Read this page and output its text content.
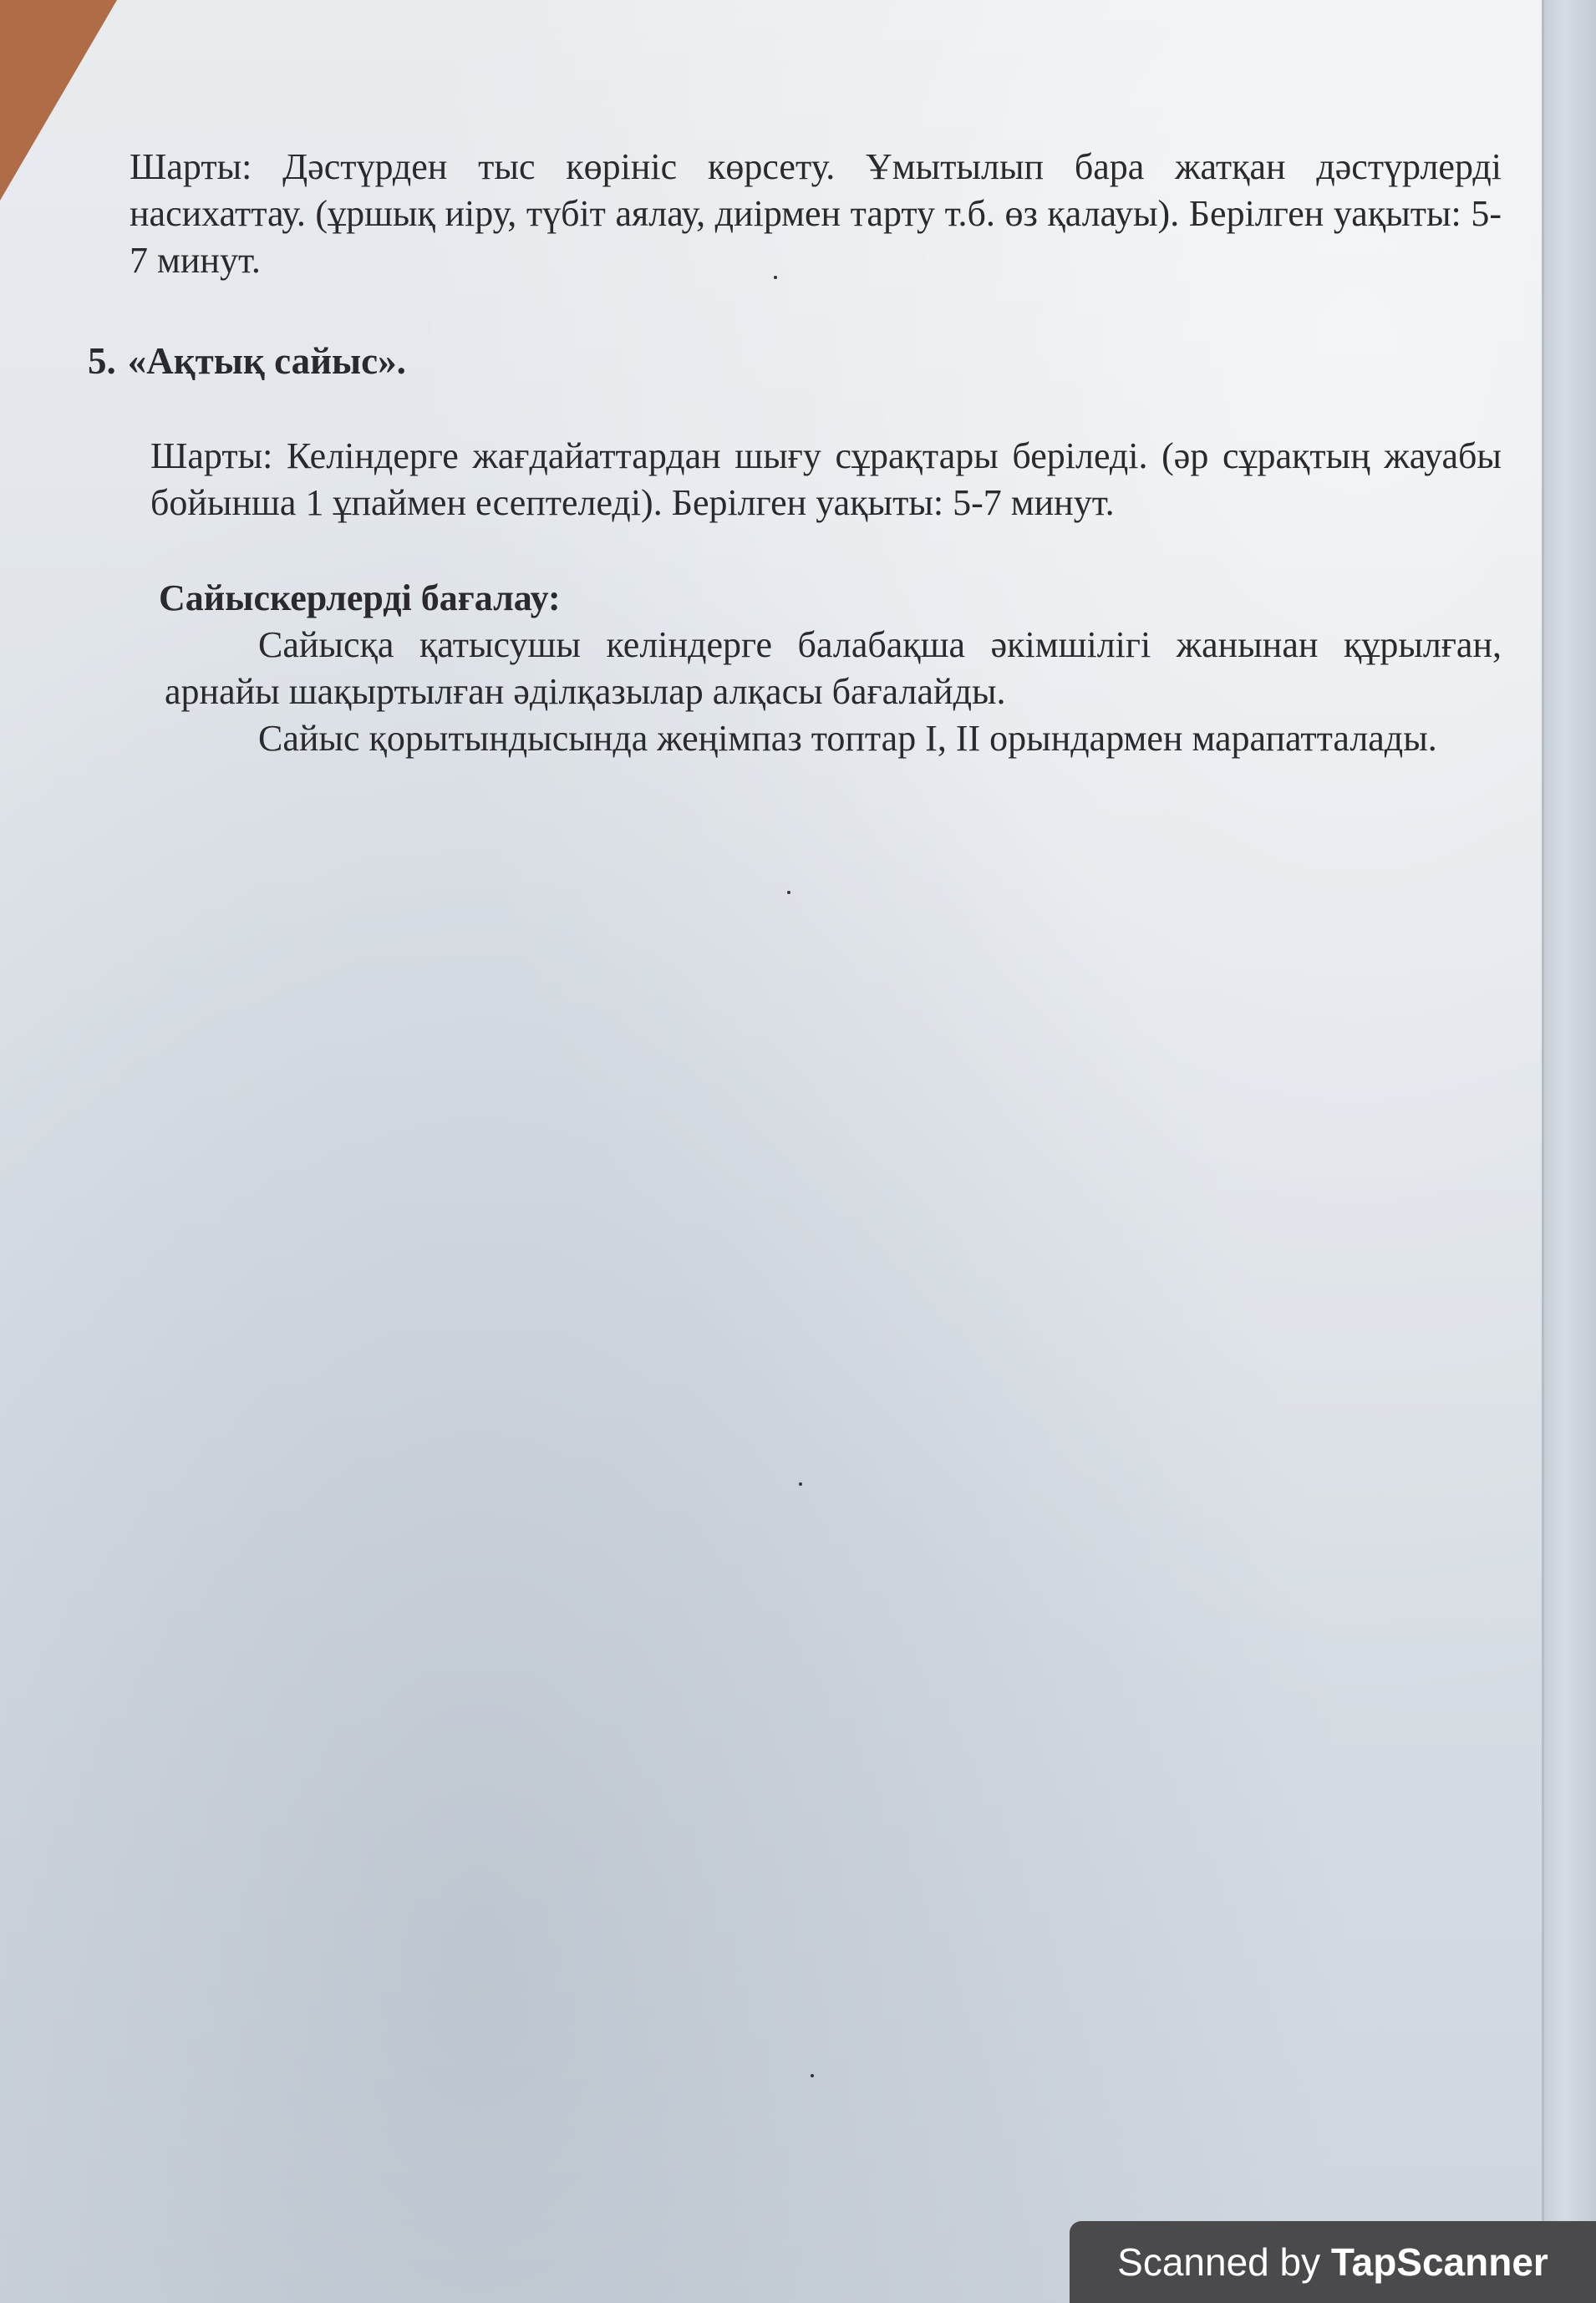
Шарты: Дәстүрден тыс көрініс көрсету. Ұмытылып бара жатқан дәстүрлерді насихаттау. (ұршық иіру, түбіт аялау, диірмен тарту т.б. өз қалауы). Берілген уақыты: 5-7 минут.
5. «Ақтық сайыс».
Шарты: Келіндерге жағдайаттардан шығу сұрақтары беріледі. (әр сұрақтың жауабы бойынша 1 ұпаймен есептеледі). Берілген уақыты: 5-7 минут.
Сайыскерлерді бағалау:
Сайысқа қатысушы келіндерге балабақша әкімшілігі жанынан құрылған, арнайы шақыртылған әділқазылар алқасы бағалайды.
Сайыс қорытындысында жеңімпаз топтар І, ІІ орындармен марапатталады.
Scanned by
TapScanner
